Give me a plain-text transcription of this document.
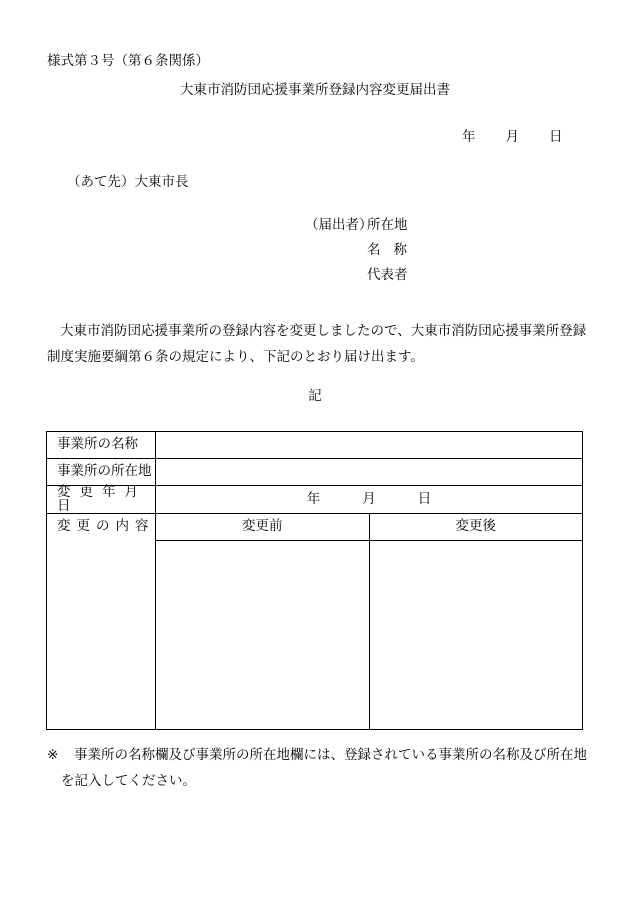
様式第３号（第６条関係）
大東市消防団応援事業所登録内容変更届出書
年 月 日
（あて先）大東市長
（届出者）所在地
名称
代表者
大東市消防団応援事業所の登録内容を変更しましたので、大東市消防団応援事業所登録制度実施要綱第６条の規定により、下記のとおり届け出ます。
記
事業所の名称		
事業所の所在地		
変更年月日	年 月 日	
変更の内容	変更前	変更後

※ 事業所の名称欄及び事業所の所在地欄には、登録されている事業所の名称及び所在地
を記入してください。
